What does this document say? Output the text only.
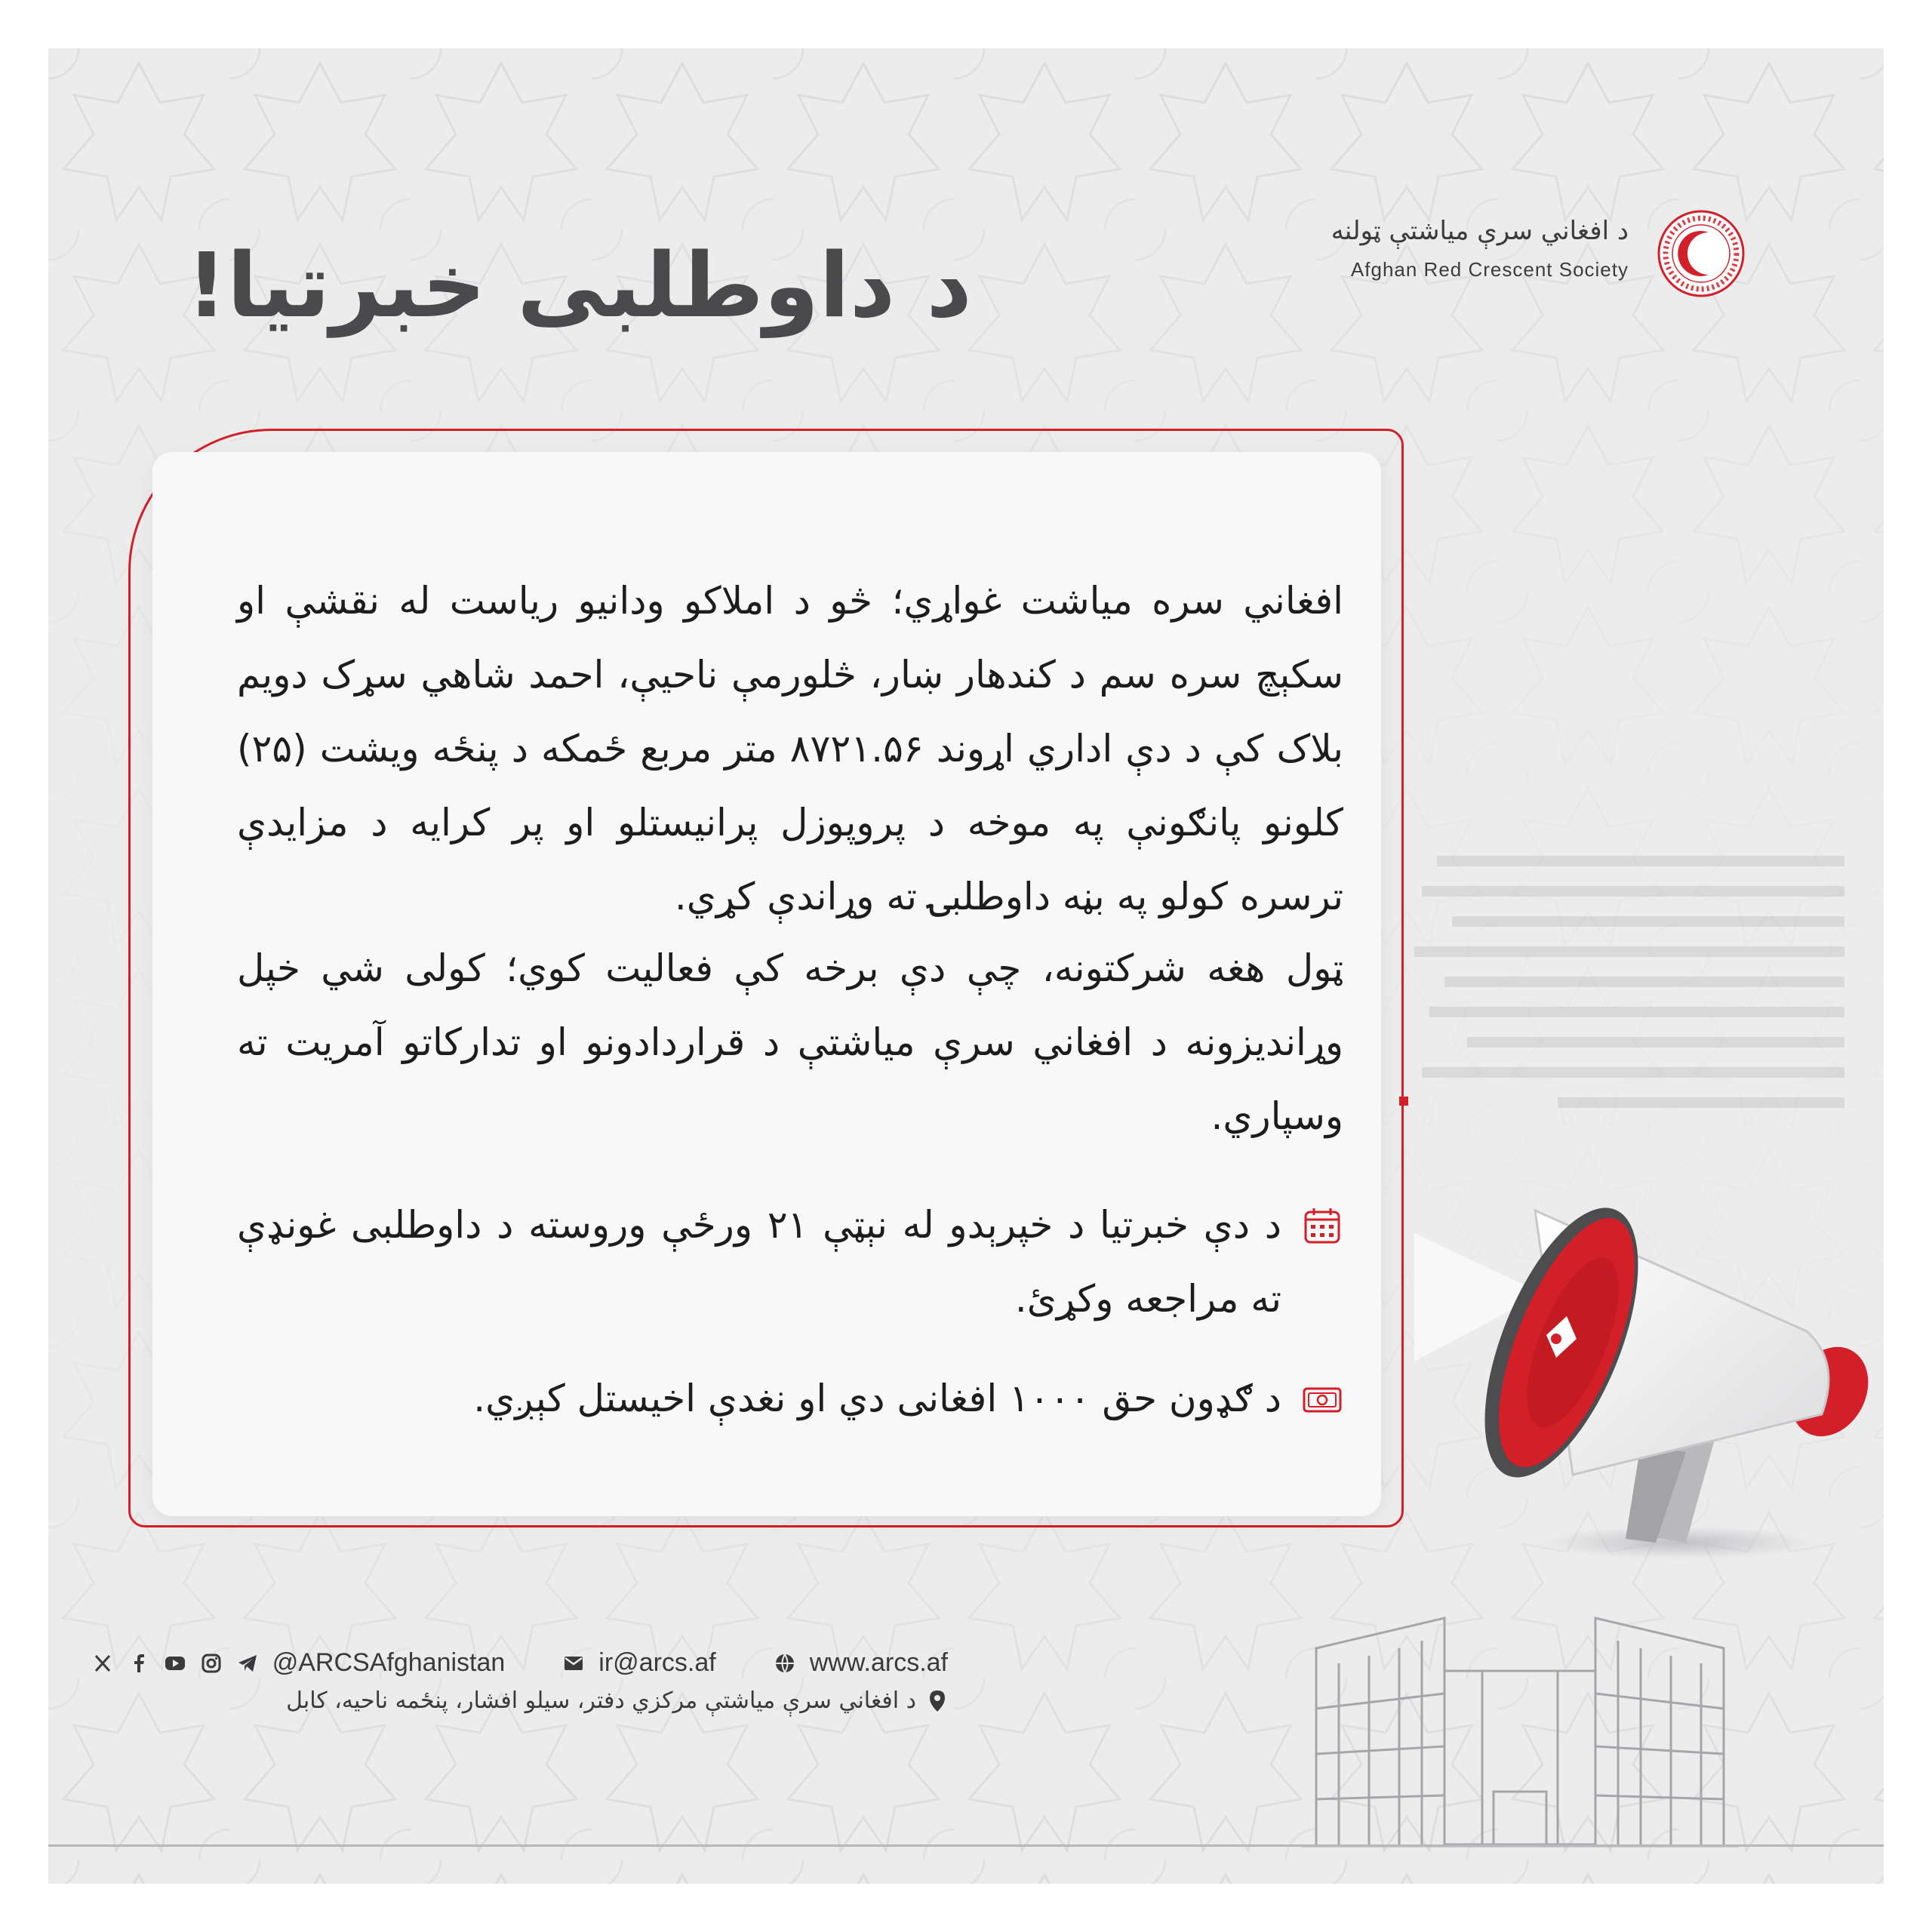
د داوطلبی خبرتیا!
د افغاني سرې میاشتې ټولنه
Afghan Red Crescent Society

افغاني سره میاشت غواړي؛ څو د املاکو ودانیو ریاست له نقشې او سکېچ سره سم د کندهار ښار، څلورمې ناحیې، احمد شاهي سړک دویم بلاک کې د دې اداري اړوند ۸۷۲۱.۵۶ متر مربع ځمکه د پنځه ویشت (۲۵) کلونو پانګونې په موخه د پروپوزل پرانیستلو او پر کرایه د مزایدې ترسره کولو په بڼه داوطلبۍ ته وړاندې کړي.

ټول هغه شرکتونه، چې دې برخه کې فعالیت کوي؛ کولی شي خپل وړاندیزونه د افغاني سرې میاشتې د قراردادونو او تدارکاتو آمریت ته وسپاري.

د دې خبرتیا د خپرېدو له نېټې ۲۱ ورځې وروسته د داوطلبی غونډې ته مراجعه وکړئ.
د ګډون حق ۱۰۰۰ افغانی دي او نغدې اخیستل کېږي.
@ARCSAfghanistan	ir@arcs.af	www.arcs.af
د افغاني سرې میاشتې مرکزي دفتر، سیلو افشار، پنځمه ناحیه، کابل
